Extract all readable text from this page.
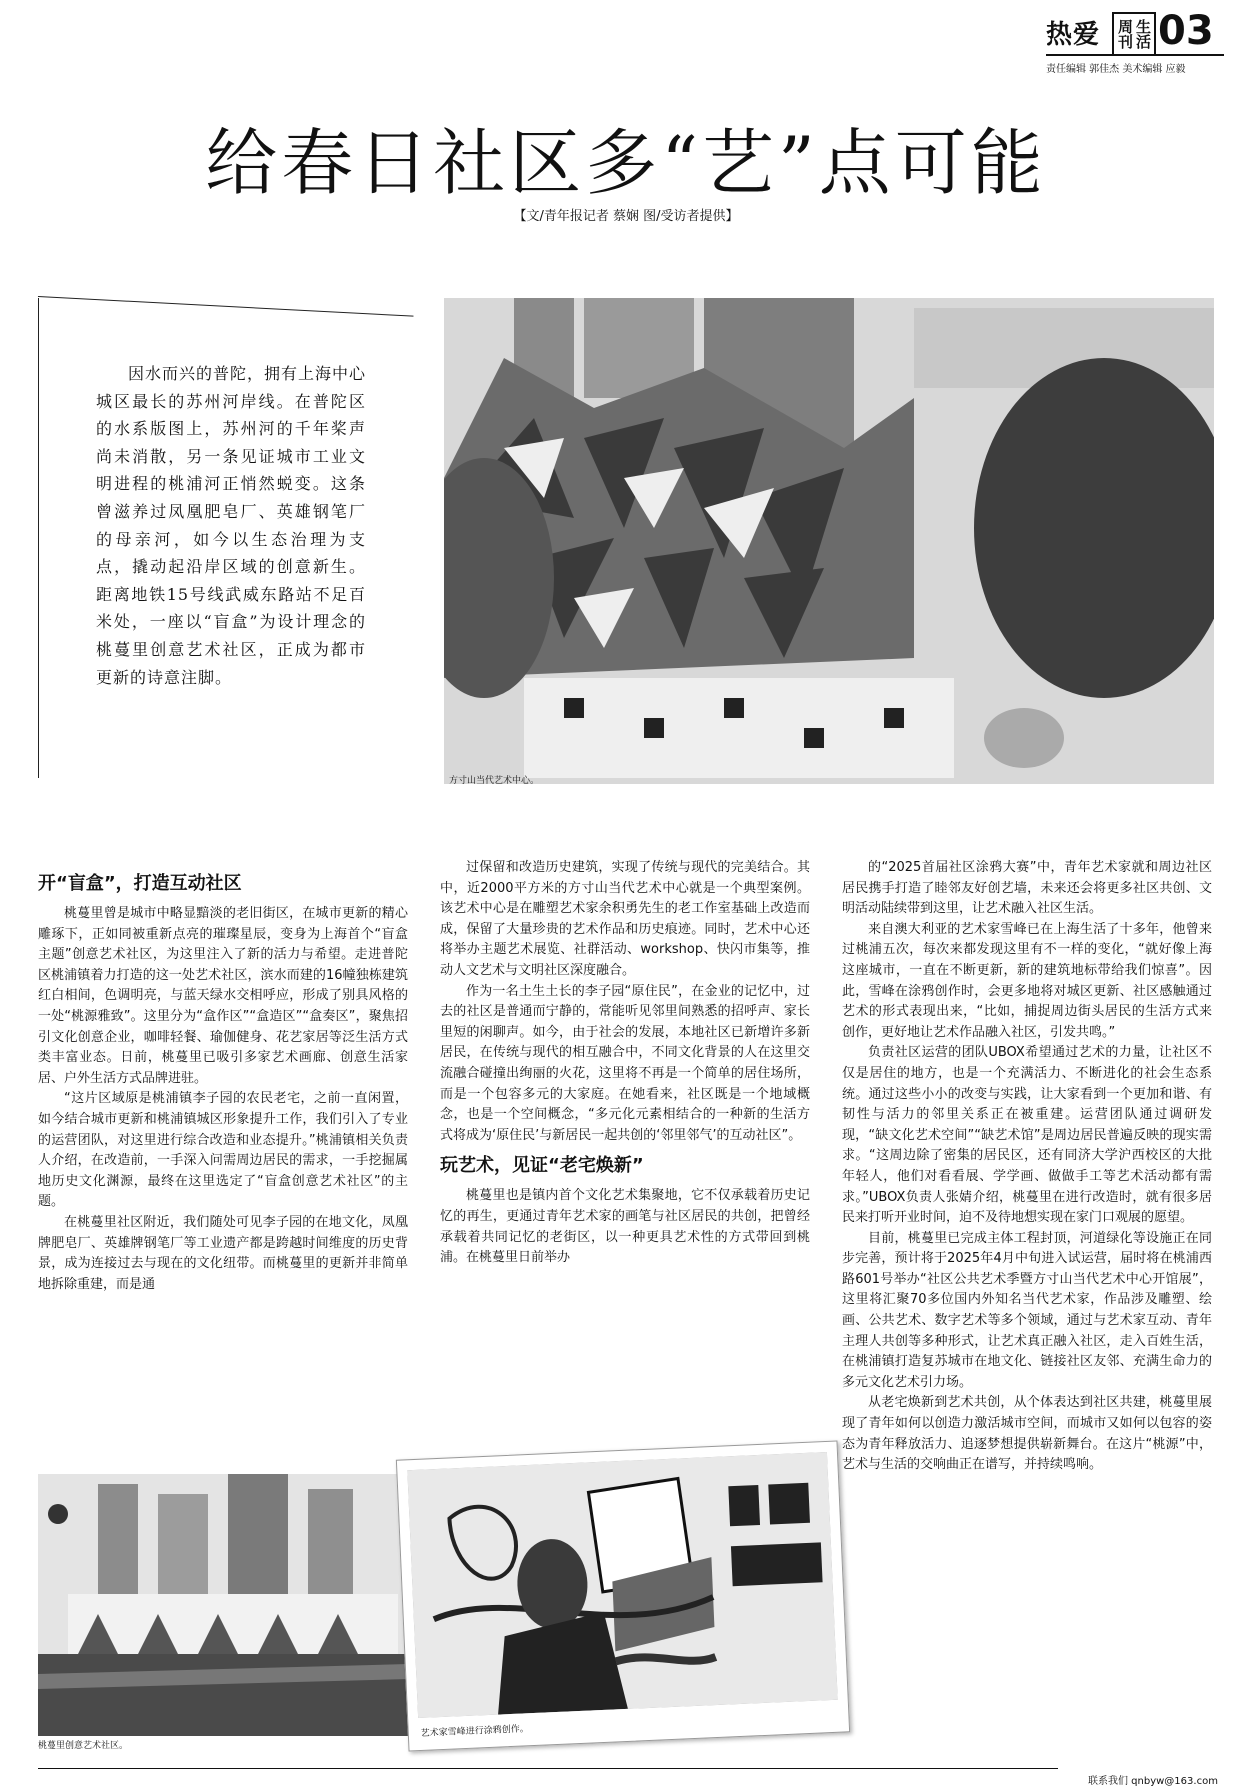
热爱	生活周刊 03
责任编辑 郭佳杰 美术编辑 应毅
给春日社区多“艺”点可能
【文/青年报记者 蔡娴 图/受访者提供】

因水而兴的普陀，拥有上海中心城区最长的苏州河岸线。在普陀区的水系版图上，苏州河的千年桨声尚未消散，另一条见证城市工业文明进程的桃浦河正悄然蜕变。这条曾滋养过凤凰肥皂厂、英雄钢笔厂的母亲河，如今以生态治理为支点，撬动起沿岸区域的创意新生。距离地铁15号线武威东路站不足百米处，一座以“盲盒”为设计理念的桃蔓里创意艺术社区，正成为都市更新的诗意注脚。

方寸山当代艺术中心。
开“盲盒”，打造互动社区

桃蔓里曾是城市中略显黯淡的老旧街区，在城市更新的精心雕琢下，正如同被重新点亮的璀璨星辰，变身为上海首个“盲盒主题”创意艺术社区，为这里注入了新的活力与希望。走进普陀区桃浦镇着力打造的这一处艺术社区，滨水而建的16幢独栋建筑红白相间，色调明亮，与蓝天绿水交相呼应，形成了别具风格的一处“桃源雅致”。这里分为“盒作区”“盒造区”“盒奏区”，聚焦招引文化创意企业，咖啡轻餐、瑜伽健身、花艺家居等泛生活方式类丰富业态。日前，桃蔓里已吸引多家艺术画廊、创意生活家居、户外生活方式品牌进驻。

“这片区域原是桃浦镇李子园的农民老宅，之前一直闲置，如今结合城市更新和桃浦镇城区形象提升工作，我们引入了专业的运营团队，对这里进行综合改造和业态提升。”桃浦镇相关负责人介绍，在改造前，一手深入问需周边居民的需求，一手挖掘属地历史文化渊源，最终在这里选定了“盲盒创意艺术社区”的主题。

在桃蔓里社区附近，我们随处可见李子园的在地文化，凤凰牌肥皂厂、英雄牌钢笔厂等工业遗产都是跨越时间维度的历史背景，成为连接过去与现在的文化纽带。而桃蔓里的更新并非简单地拆除重建，而是通

过保留和改造历史建筑，实现了传统与现代的完美结合。其中，近2000平方米的方寸山当代艺术中心就是一个典型案例。该艺术中心是在雕塑艺术家余积勇先生的老工作室基础上改造而成，保留了大量珍贵的艺术作品和历史痕迹。同时，艺术中心还将举办主题艺术展览、社群活动、workshop、快闪市集等，推动人文艺术与文明社区深度融合。

作为一名土生土长的李子园“原住民”，在金业的记忆中，过去的社区是普通而宁静的，常能听见邻里间熟悉的招呼声、家长里短的闲聊声。如今，由于社会的发展，本地社区已新增许多新居民，在传统与现代的相互融合中，不同文化背景的人在这里交流融合碰撞出绚丽的火花，这里将不再是一个简单的居住场所，而是一个包容多元的大家庭。在她看来，社区既是一个地域概念，也是一个空间概念，“多元化元素相结合的一种新的生活方式将成为‘原住民’与新居民一起共创的‘邻里邻气’的互动社区”。

玩艺术，见证“老宅焕新”

桃蔓里也是镇内首个文化艺术集聚地，它不仅承载着历史记忆的再生，更通过青年艺术家的画笔与社区居民的共创，把曾经承载着共同记忆的老街区，以一种更具艺术性的方式带回到桃浦。在桃蔓里日前举办

的“2025首届社区涂鸦大赛”中，青年艺术家就和周边社区居民携手打造了睦邻友好创艺墙，未来还会将更多社区共创、文明活动陆续带到这里，让艺术融入社区生活。

来自澳大利亚的艺术家雪峰已在上海生活了十多年，他曾来过桃浦五次，每次来都发现这里有不一样的变化，“就好像上海这座城市，一直在不断更新，新的建筑地标带给我们惊喜”。因此，雪峰在涂鸦创作时，会更多地将对城区更新、社区感触通过艺术的形式表现出来，“比如，捕捉周边街头居民的生活方式来创作，更好地让艺术作品融入社区，引发共鸣。”

负责社区运营的团队UBOX希望通过艺术的力量，让社区不仅是居住的地方，也是一个充满活力、不断进化的社会生态系统。通过这些小小的改变与实践，让大家看到一个更加和谐、有韧性与活力的邻里关系正在被重建。运营团队通过调研发现，“缺文化艺术空间”“缺艺术馆”是周边居民普遍反映的现实需求。“这周边除了密集的居民区，还有同济大学沪西校区的大批年轻人，他们对看看展、学学画、做做手工等艺术活动都有需求。”UBOX负责人张婧介绍，桃蔓里在进行改造时，就有很多居民来打听开业时间，迫不及待地想实现在家门口观展的愿望。

目前，桃蔓里已完成主体工程封顶，河道绿化等设施正在同步完善，预计将于2025年4月中旬进入试运营，届时将在桃浦西路601号举办“社区公共艺术季暨方寸山当代艺术中心开馆展”，这里将汇聚70多位国内外知名当代艺术家，作品涉及雕塑、绘画、公共艺术、数字艺术等多个领域，通过与艺术家互动、青年主理人共创等多种形式，让艺术真正融入社区，走入百姓生活，在桃浦镇打造复苏城市在地文化、链接社区友邻、充满生命力的多元文化艺术引力场。

从老宅焕新到艺术共创，从个体表达到社区共建，桃蔓里展现了青年如何以创造力激活城市空间，而城市又如何以包容的姿态为青年释放活力、追逐梦想提供崭新舞台。在这片“桃源”中，艺术与生活的交响曲正在谱写，并持续鸣响。

桃蔓里创意艺术社区。
艺术家雪峰进行涂鸦创作。
联系我们 qnbyw@163.com
